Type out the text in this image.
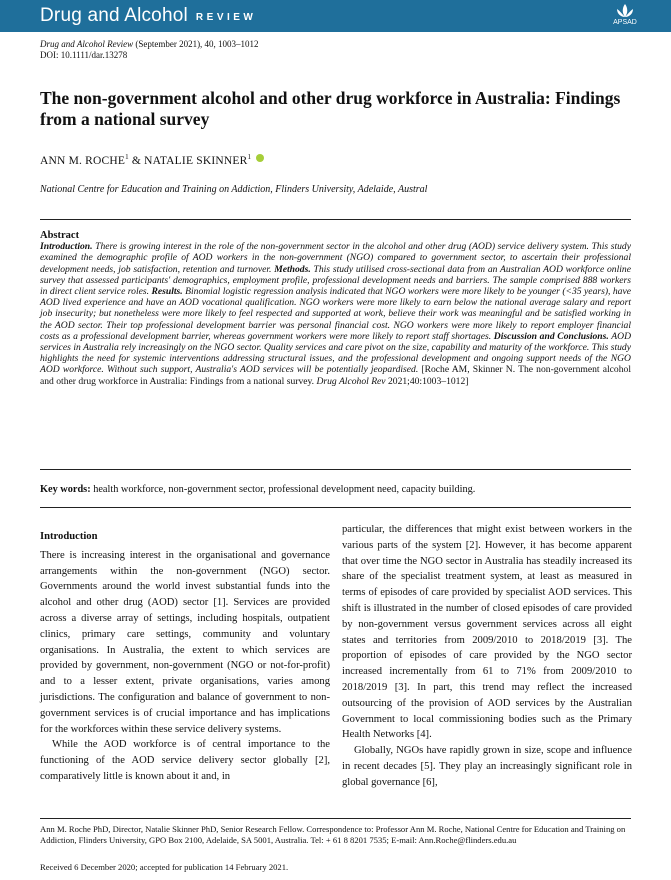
Drug and Alcohol REVIEW	APSAD
Drug and Alcohol Review (September 2021), 40, 1003–1012
DOI: 10.1111/dar.13278
The non-government alcohol and other drug workforce in Australia: Findings from a national survey
ANN M. ROCHE$^1$ & NATALIE SKINNER$^1$
National Centre for Education and Training on Addiction, Flinders University, Adelaide, Austral
Abstract
Introduction. There is growing interest in the role of the non-government sector in the alcohol and other drug (AOD) service delivery system. This study examined the demographic profile of AOD workers in the non-government (NGO) compared to government sector, to ascertain their professional development needs, job satisfaction, retention and turnover. Methods. This study utilised cross-sectional data from an Australian AOD workforce online survey that assessed participants' demographics, employment profile, professional development needs and barriers. The sample comprised 888 workers in direct client service roles. Results. Binomial logistic regression analysis indicated that NGO workers were more likely to be younger (<35 years), have AOD lived experience and have an AOD vocational qualification. NGO workers were more likely to earn below the national average salary and report job insecurity; but nonetheless were more likely to feel respected and supported at work, believe their work was meaningful and be satisfied working in the AOD sector. Their top professional development barrier was personal financial cost. NGO workers were more likely to report employer financial costs as a professional development barrier, whereas government workers were more likely to report staff shortages. Discussion and Conclusions. AOD services in Australia rely increasingly on the NGO sector. Quality services and care pivot on the size, capability and maturity of the workforce. This study highlights the need for systemic interventions addressing structural issues, and the professional development and ongoing support needs of the NGO AOD workforce. Without such support, Australia's AOD services will be potentially jeopardised. [Roche AM, Skinner N. The non-government alcohol and other drug workforce in Australia: Findings from a national survey. Drug Alcohol Rev 2021;40:1003–1012]
Key words: health workforce, non-government sector, professional development need, capacity building.
Introduction

There is increasing interest in the organisational and governance arrangements within the non-government (NGO) sector. Governments around the world invest substantial funds into the alcohol and other drug (AOD) sector [1]. Services are provided across a diverse array of settings, including hospitals, outpatient clinics, primary care settings, community and voluntary organisations. In Australia, the extent to which services are provided by government, non-government (NGO or not-for-profit) and to a lesser extent, private organisations, varies among jurisdictions. The configuration and balance of government to non-government services is of crucial importance and has implications for the workforces within these service delivery systems.

While the AOD workforce is of central importance to the functioning of the AOD service delivery sector globally [2], comparatively little is known about it and, in

particular, the differences that might exist between workers in the various parts of the system [2]. However, it has become apparent that over time the NGO sector in Australia has steadily increased its share of the specialist treatment system, at least as measured in terms of episodes of care provided by specialist AOD services. This shift is illustrated in the number of closed episodes of care provided by non-government versus government services across all eight states and territories from 2009/2010 to 2018/2019 [3]. The proportion of episodes of care provided by the NGO sector increased incrementally from 61 to 71% from 2009/2010 to 2018/2019 [3]. In part, this trend may reflect the increased outsourcing of the provision of AOD services by the Australian Government to local commissioning bodies such as the Primary Health Networks [4].

Globally, NGOs have rapidly grown in size, scope and influence in recent decades [5]. They play an increasingly significant role in global governance [6],

Ann M. Roche PhD, Director, Natalie Skinner PhD, Senior Research Fellow. Correspondence to: Professor Ann M. Roche, National Centre for Education and Training on Addiction, Flinders University, GPO Box 2100, Adelaide, SA 5001, Australia. Tel: + 61 8 8201 7535; E-mail: Ann.Roche@flinders.edu.au
Received 6 December 2020; accepted for publication 14 February 2021.
